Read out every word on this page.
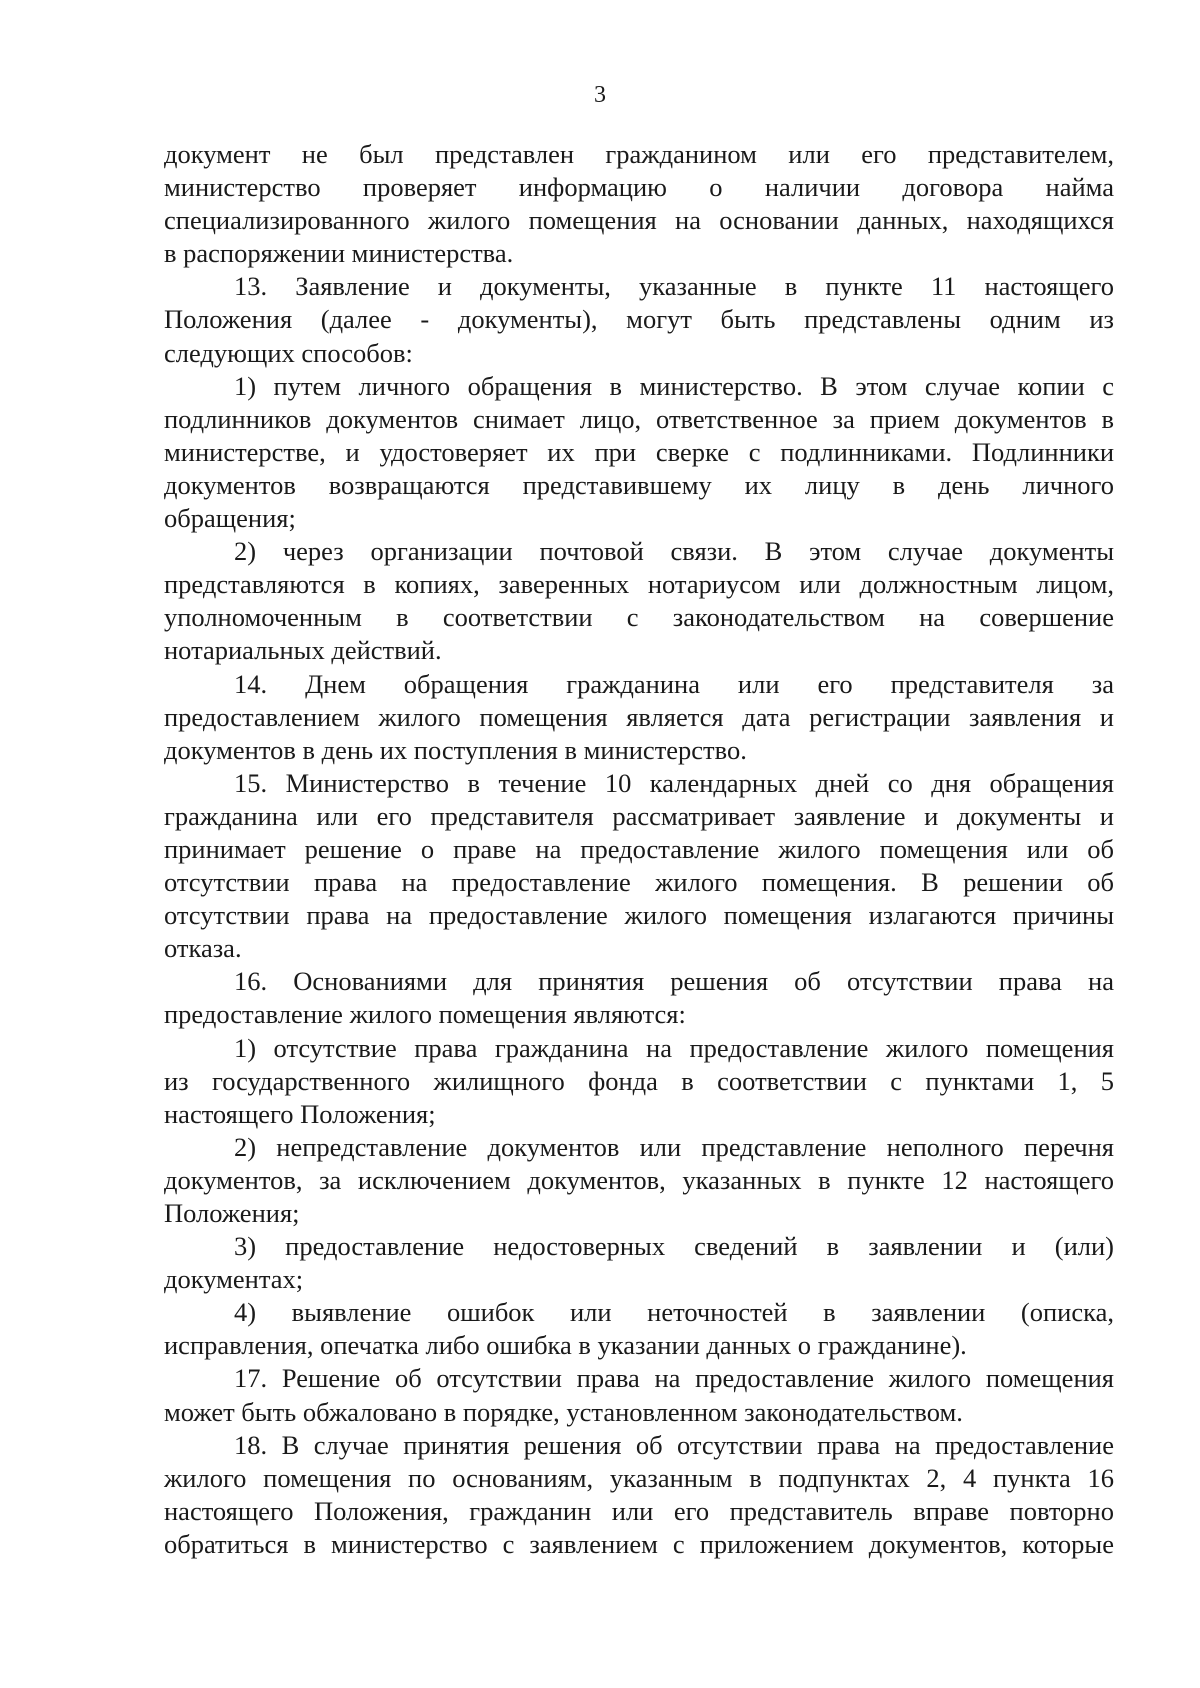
3
документ не был представлен гражданином или его представителем,
министерство проверяет информацию о наличии договора найма
специализированного жилого помещения на основании данных, находящихся
в распоряжении министерства.
13. Заявление и документы, указанные в пункте 11 настоящего
Положения (далее - документы), могут быть представлены одним из
следующих способов:
1) путем личного обращения в министерство. В этом случае копии с
подлинников документов снимает лицо, ответственное за прием документов в
министерстве, и удостоверяет их при сверке с подлинниками. Подлинники
документов возвращаются представившему их лицу в день личного
обращения;
2) через организации почтовой связи. В этом случае документы
представляются в копиях, заверенных нотариусом или должностным лицом,
уполномоченным в соответствии с законодательством на совершение
нотариальных действий.
14. Днем обращения гражданина или его представителя за
предоставлением жилого помещения является дата регистрации заявления и
документов в день их поступления в министерство.
15. Министерство в течение 10 календарных дней со дня обращения
гражданина или его представителя рассматривает заявление и документы и
принимает решение о праве на предоставление жилого помещения или об
отсутствии права на предоставление жилого помещения. В решении об
отсутствии права на предоставление жилого помещения излагаются причины
отказа.
16. Основаниями для принятия решения об отсутствии права на
предоставление жилого помещения являются:
1) отсутствие права гражданина на предоставление жилого помещения
из государственного жилищного фонда в соответствии с пунктами 1, 5
настоящего Положения;
2) непредставление документов или представление неполного перечня
документов, за исключением документов, указанных в пункте 12 настоящего
Положения;
3) предоставление недостоверных сведений в заявлении и (или)
документах;
4) выявление ошибок или неточностей в заявлении (описка,
исправления, опечатка либо ошибка в указании данных о гражданине).
17. Решение об отсутствии права на предоставление жилого помещения
может быть обжаловано в порядке, установленном законодательством.
18. В случае принятия решения об отсутствии права на предоставление
жилого помещения по основаниям, указанным в подпунктах 2, 4 пункта 16
настоящего Положения, гражданин или его представитель вправе повторно
обратиться в министерство с заявлением с приложением документов, которые
